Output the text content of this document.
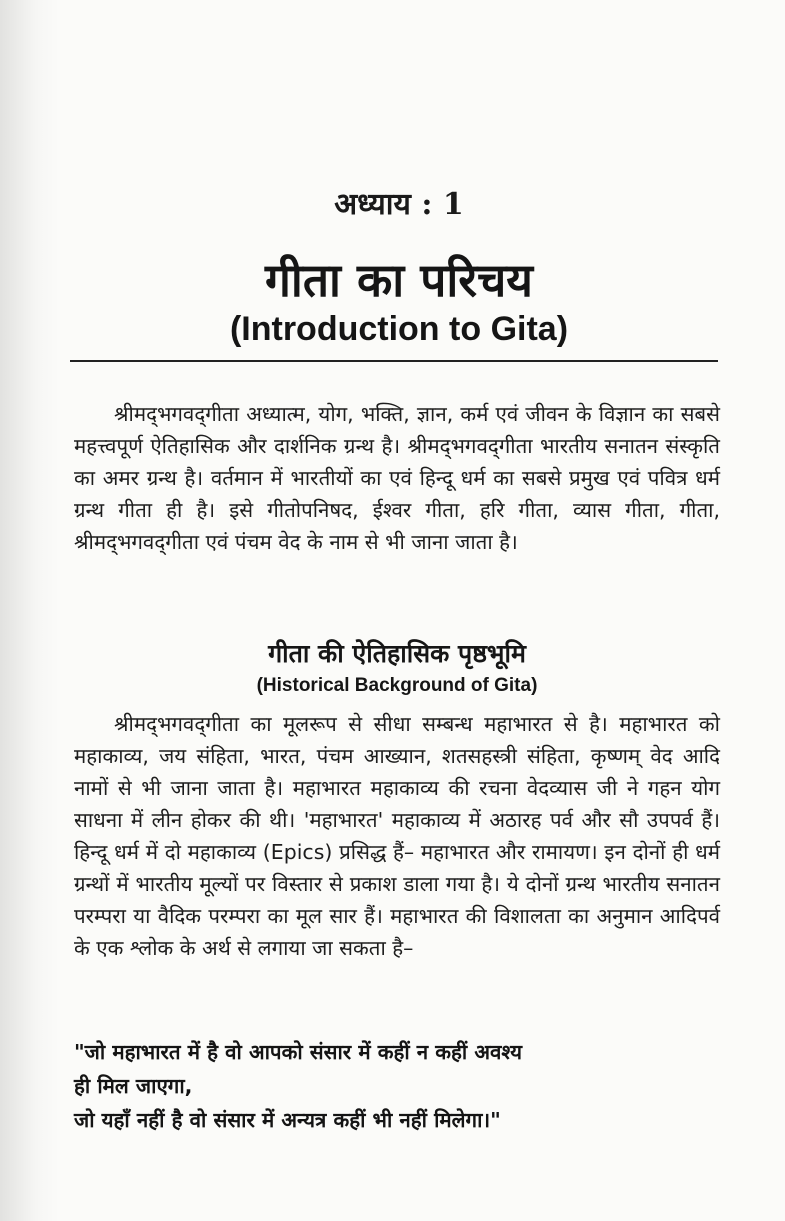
अध्याय : 1
गीता का परिचय
(Introduction to Gita)

श्रीमद्‌भगवद्‌गीता अध्यात्म, योग, भक्ति, ज्ञान, कर्म एवं जीवन के विज्ञान का सबसे महत्त्वपूर्ण ऐतिहासिक और दार्शनिक ग्रन्थ है। श्रीमद्‌भगवद्‌गीता भारतीय सनातन संस्कृति का अमर ग्रन्थ है। वर्तमान में भारतीयों का एवं हिन्दू धर्म का सबसे प्रमुख एवं पवित्र धर्म ग्रन्थ गीता ही है। इसे गीतोपनिषद, ईश्वर गीता, हरि गीता, व्यास गीता, गीता, श्रीमद्‌भगवद्‌गीता एवं पंचम वेद के नाम से भी जाना जाता है।

गीता की ऐतिहासिक पृष्ठभूमि
(Historical Background of Gita)

श्रीमद्‌भगवद्‌गीता का मूलरूप से सीधा सम्बन्ध महाभारत से है। महाभारत को महाकाव्य, जय संहिता, भारत, पंचम आख्यान, शतसहस्त्री संहिता, कृष्णम् वेद आदि नामों से भी जाना जाता है। महाभारत महाकाव्य की रचना वेदव्यास जी ने गहन योग साधना में लीन होकर की थी। 'महाभारत' महाकाव्य में अठारह पर्व और सौ उपपर्व हैं। हिन्दू धर्म में दो महाकाव्य (Epics) प्रसिद्ध हैं– महाभारत और रामायण। इन दोनों ही धर्म ग्रन्थों में भारतीय मूल्यों पर विस्तार से प्रकाश डाला गया है। ये दोनों ग्रन्थ भारतीय सनातन परम्परा या वैदिक परम्परा का मूल सार हैं। महाभारत की विशालता का अनुमान आदिपर्व के एक श्लोक के अर्थ से लगाया जा सकता है–

"जो महाभारत में है वो आपको संसार में कहीं न कहीं अवश्य
ही मिल जाएगा,
जो यहाँ नहीं है वो संसार में अन्यत्र कहीं भी नहीं मिलेगा।"
